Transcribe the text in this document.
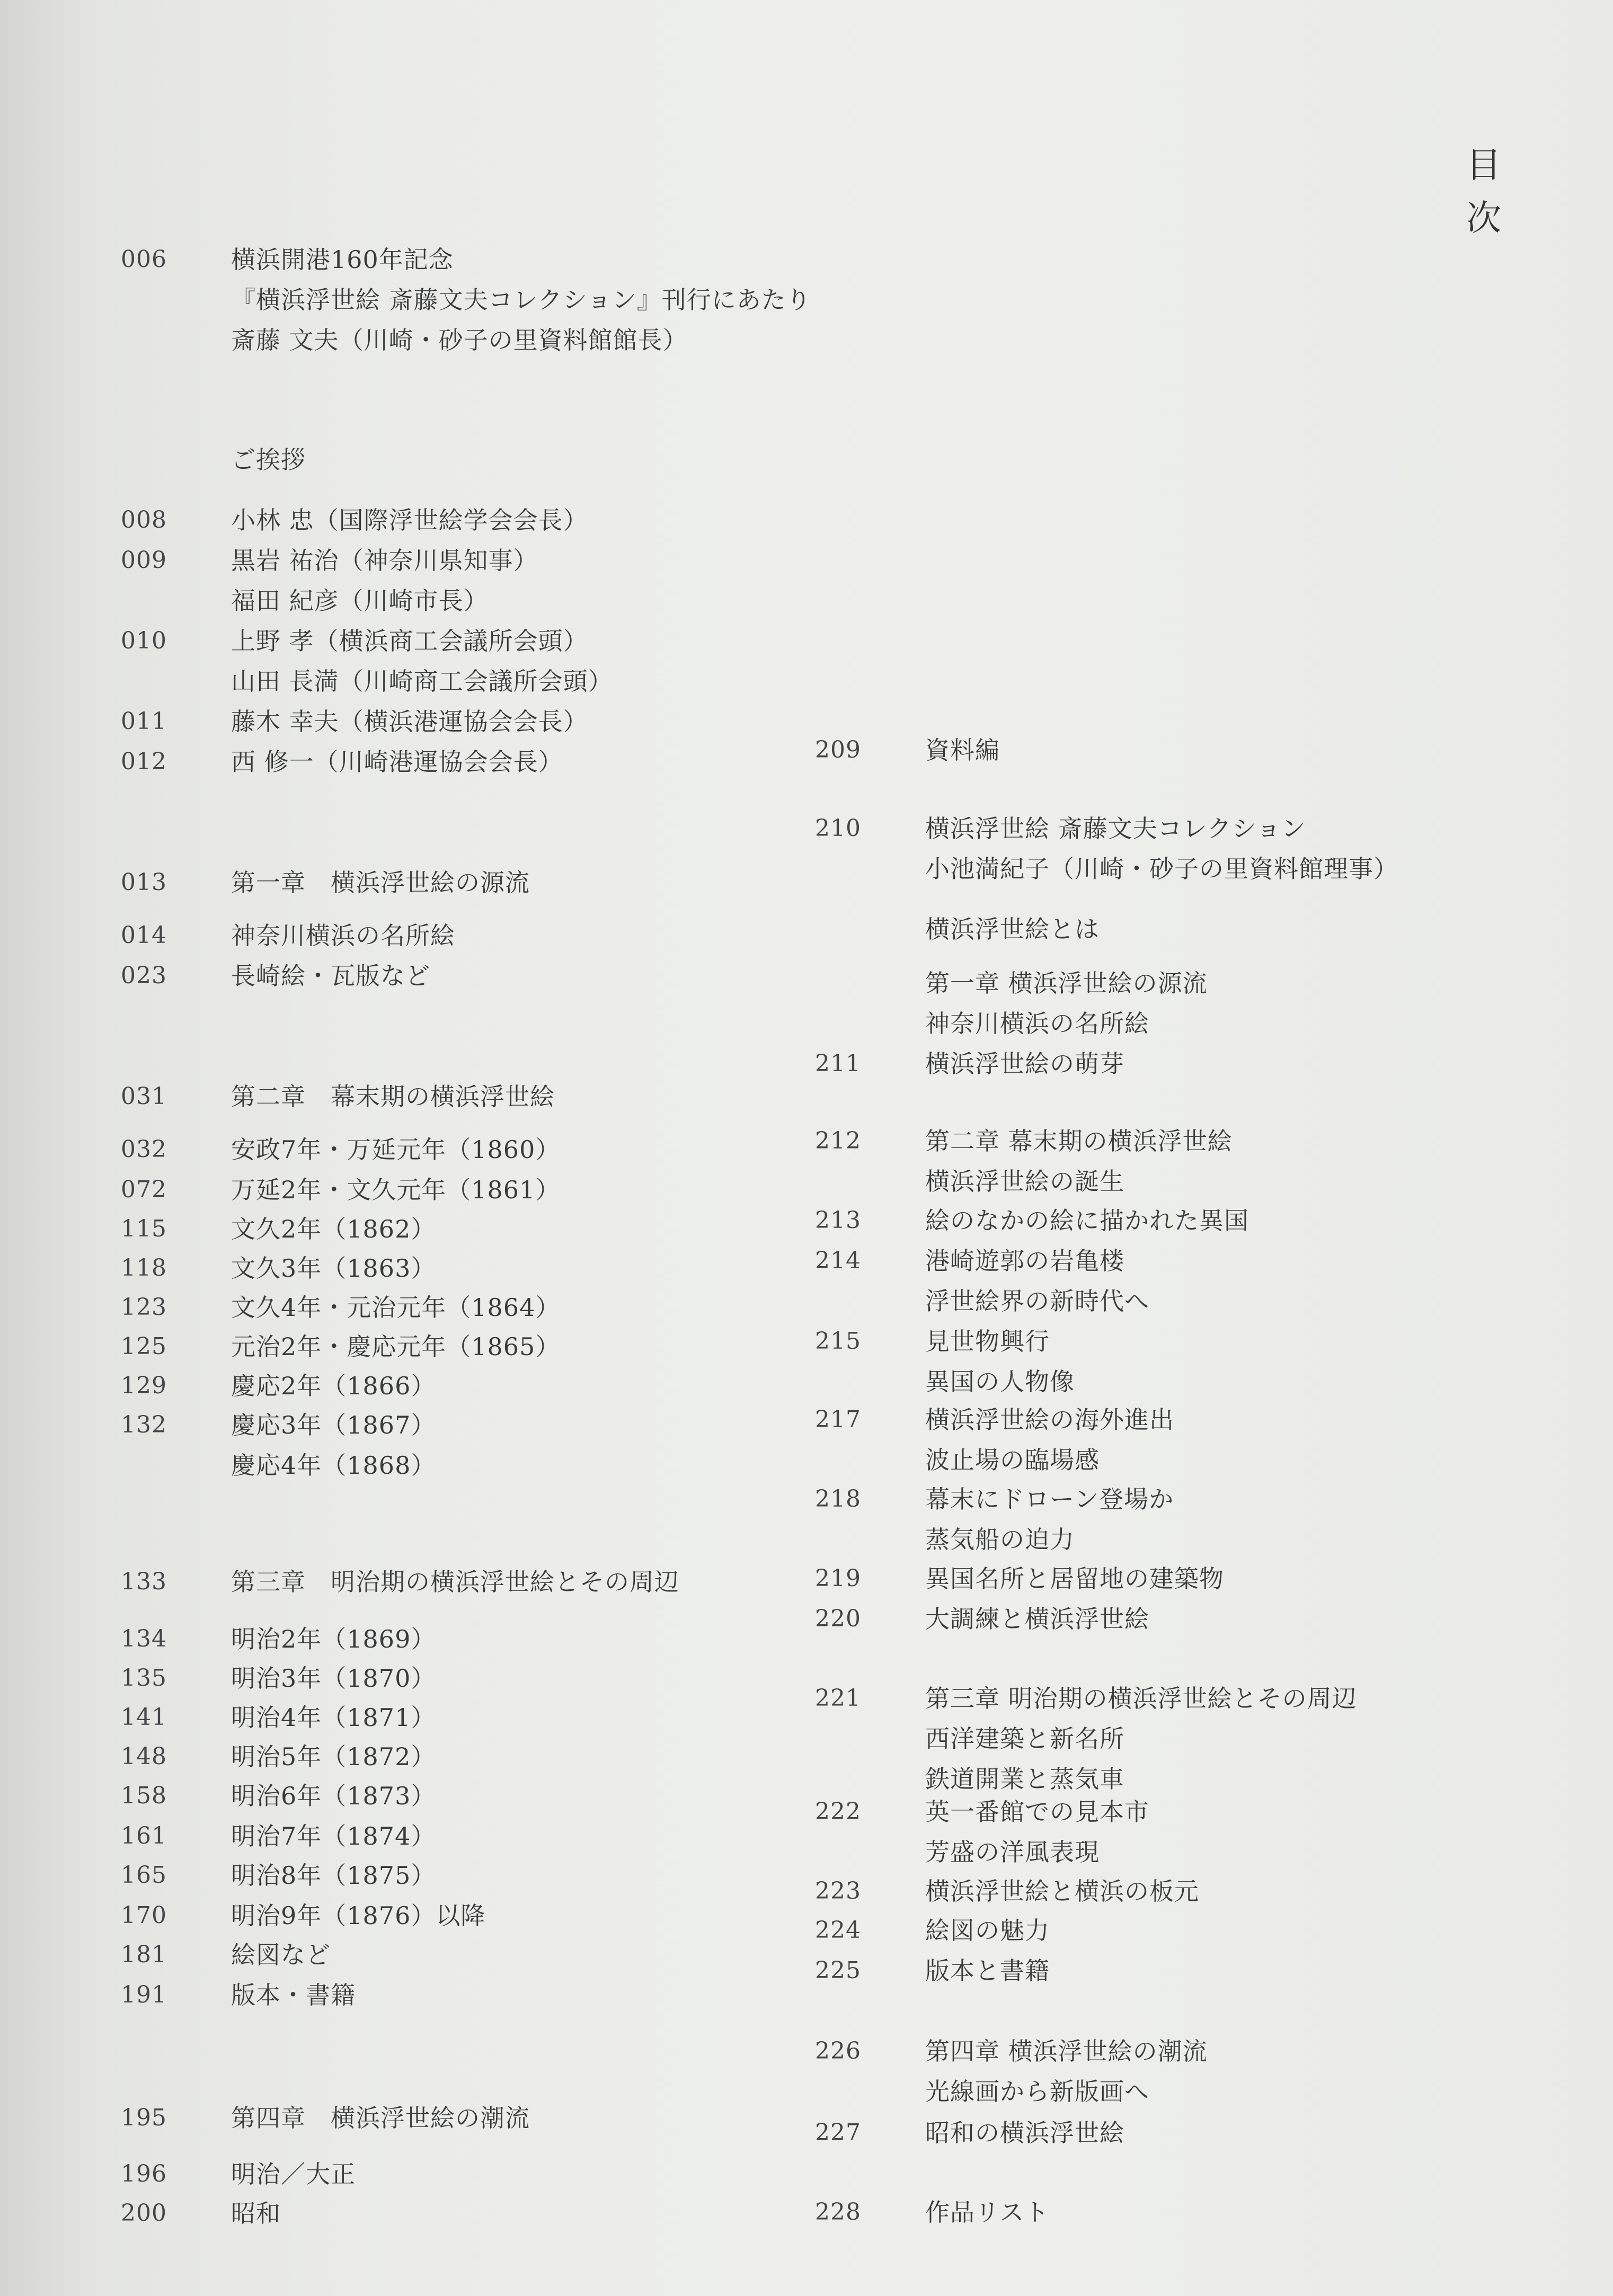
目
次
006	横浜開港160年記念
『横浜浮世絵 斎藤文夫コレクション』刊行にあたり
斎藤 文夫（川崎・砂子の里資料館館長）
ご挨拶
008	小林 忠（国際浮世絵学会会長）
009	黒岩 祐治（神奈川県知事）
福田 紀彦（川崎市長）
010	上野 孝（横浜商工会議所会頭）
山田 長満（川崎商工会議所会頭）
011	藤木 幸夫（横浜港運協会会長）
012	西 修一（川崎港運協会会長）
013	第一章　横浜浮世絵の源流
014	神奈川横浜の名所絵
023	長崎絵・瓦版など
031	第二章　幕末期の横浜浮世絵
032	安政7年・万延元年（1860）
072	万延2年・文久元年（1861）
115	文久2年（1862）
118	文久3年（1863）
123	文久4年・元治元年（1864）
125	元治2年・慶応元年（1865）
129	慶応2年（1866）
132	慶応3年（1867）
慶応4年（1868）
133	第三章　明治期の横浜浮世絵とその周辺
134	明治2年（1869）
135	明治3年（1870）
141	明治4年（1871）
148	明治5年（1872）
158	明治6年（1873）
161	明治7年（1874）
165	明治8年（1875）
170	明治9年（1876）以降
181	絵図など
191	版本・書籍
195	第四章　横浜浮世絵の潮流
196	明治／大正
200	昭和
209	資料編
210	横浜浮世絵 斎藤文夫コレクション
小池満紀子（川崎・砂子の里資料館理事）
横浜浮世絵とは
第一章 横浜浮世絵の源流
神奈川横浜の名所絵
211	横浜浮世絵の萌芽
212	第二章 幕末期の横浜浮世絵
横浜浮世絵の誕生
213	絵のなかの絵に描かれた異国
214	港崎遊郭の岩亀楼
浮世絵界の新時代へ
215	見世物興行
異国の人物像
217	横浜浮世絵の海外進出
波止場の臨場感
218	幕末にドローン登場か
蒸気船の迫力
219	異国名所と居留地の建築物
220	大調練と横浜浮世絵
221	第三章 明治期の横浜浮世絵とその周辺
西洋建築と新名所
鉄道開業と蒸気車
222	英一番館での見本市
芳盛の洋風表現
223	横浜浮世絵と横浜の板元
224	絵図の魅力
225	版本と書籍
226	第四章 横浜浮世絵の潮流
光線画から新版画へ
227	昭和の横浜浮世絵
228	作品リスト
